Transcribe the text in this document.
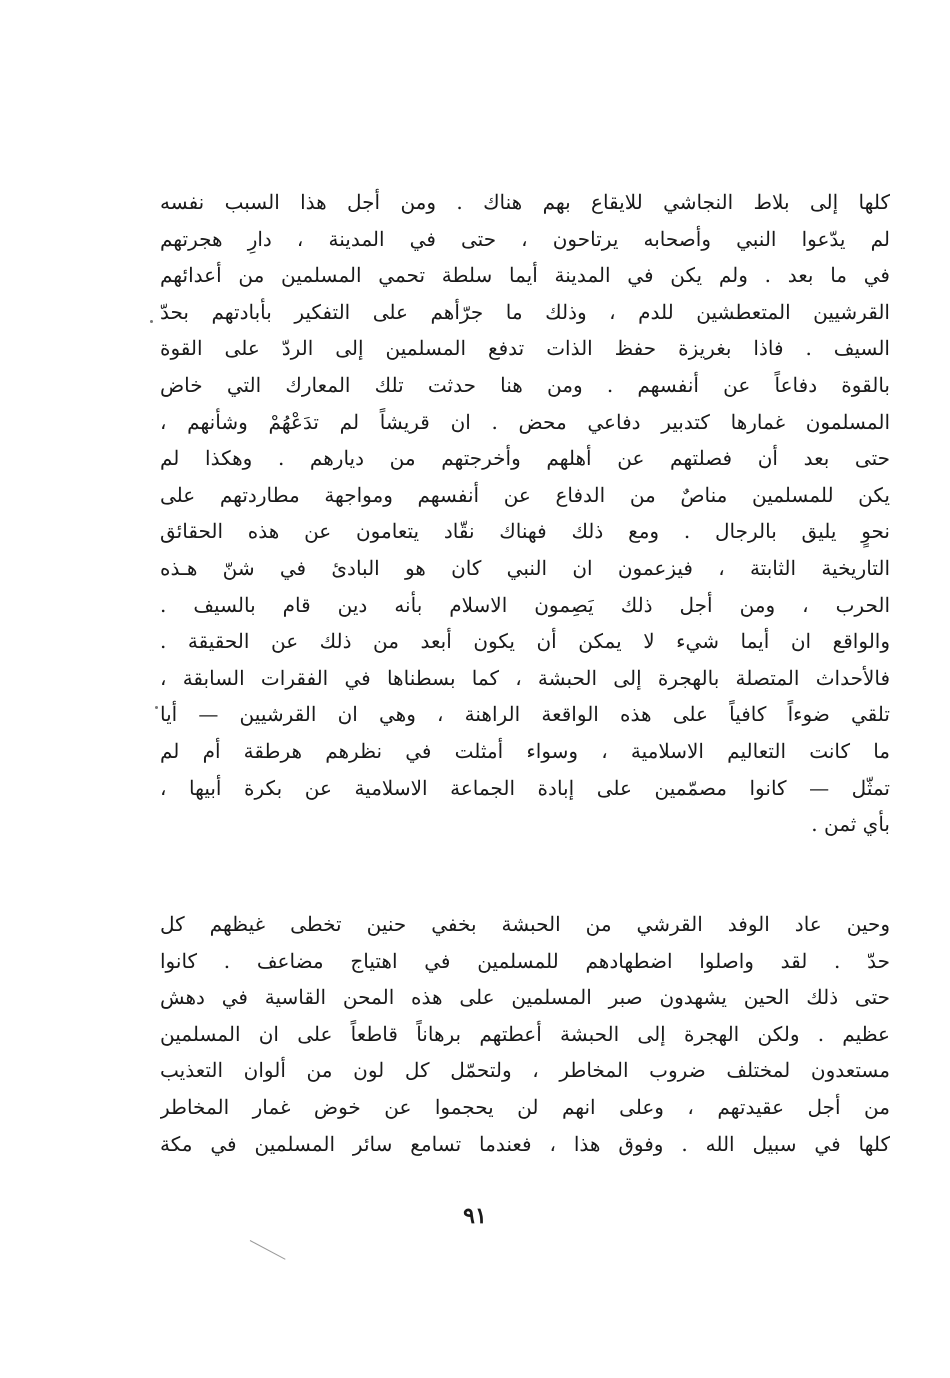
كلها إلى بلاط النجاشي للايقاع بهم هناك . ومن أجل هذا السبب نفسه
لم يدّعوا النبي وأصحابه يرتاحون ، حتى في المدينة ، دارِ هجرتهم
في ما بعد . ولم يكن في المدينة أيما سلطة تحمي المسلمين من أعدائهم
القرشيين المتعطشين للدم ، وذلك ما جرّأهم على التفكير بأبادتهم بحدّ
السيف . فاذا بغريزة حفظ الذات تدفع المسلمين إلى الردّ على القوة
بالقوة دفاعاً عن أنفسهم . ومن هنا حدثت تلك المعارك التي خاض
المسلمون غمارها كتدبير دفاعي محض . ان قريشاً لم تدَعْهُمْ وشأنهم ،
حتى بعد أن فصلتهم عن أهلهم وأخرجتهم من ديارهم . وهكذا لم
يكن للمسلمين مناصٌ من الدفاع عن أنفسهم ومواجهة مطاردتهم على
نحوٍ يليق بالرجال . ومع ذلك فهناك نقّاد يتعامون عن هذه الحقائق
التاريخية الثابتة ، فيزعمون ان النبي كان هو البادئ في شنّ هـذه
الحرب ، ومن أجل ذلك يَصِمون الاسلام بأنه دين قام بالسيف .
والواقع ان أيما شيء لا يمكن أن يكون أبعد من ذلك عن الحقيقة .
فالأحداث المتصلة بالهجرة إلى الحبشة ، كما بسطناها في الفقرات السابقة ،
تلقي ضوءاً كافياً على هذه الواقعة الراهنة ، وهي ان القرشيين — أيا
ما كانت التعاليم الاسلامية ، وسواء أمثلت في نظرهم هرطقة أم لم
تمثّل — كانوا مصمّمين على إبادة الجماعة الاسلامية عن بكرة أبيها ،
بأي ثمن .
وحين عاد الوفد القرشي من الحبشة بخفي حنين تخطى غيظهم كل
حدّ . لقد واصلوا اضطهادهم للمسلمين في اهتياج مضاعف . كانوا
حتى ذلك الحين يشهدون صبر المسلمين على هذه المحن القاسية في دهش
عظيم . ولكن الهجرة إلى الحبشة أعطتهم برهاناً قاطعاً على ان المسلمين
مستعدون لمختلف ضروب المخاطر ، ولتحمّل كل لون من ألوان التعذيب
من أجل عقيدتهم ، وعلى انهم لن يحجموا عن خوض غمار المخاطر
كلها في سبيل الله . وفوق هذا ، فعندما تسامع سائر المسلمين في مكة
٩١
